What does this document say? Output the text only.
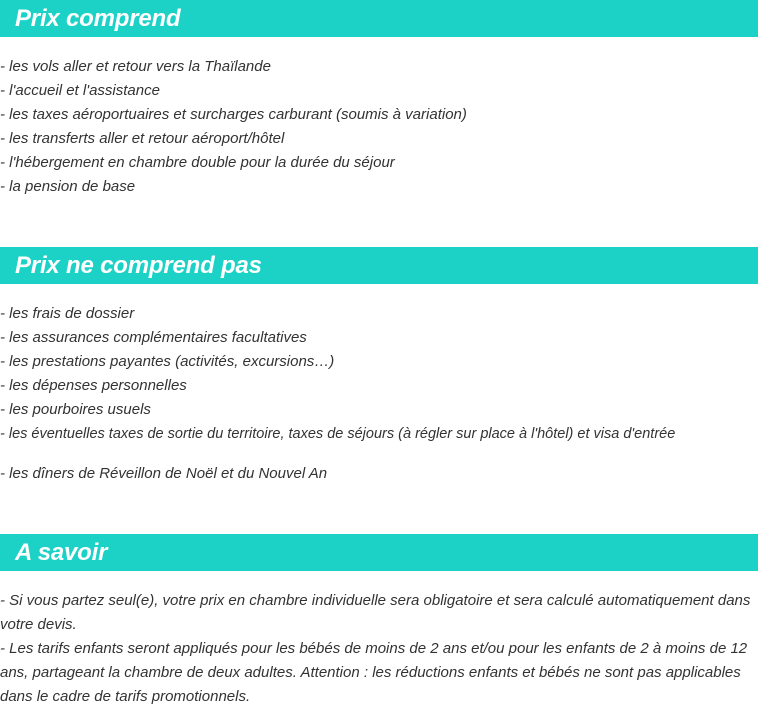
Prix comprend
- les vols aller et retour vers la Thaïlande
- l'accueil et l'assistance
- les taxes aéroportuaires et surcharges carburant (soumis à variation)
- les transferts aller et retour aéroport/hôtel
- l'hébergement en chambre double pour la durée du séjour
- la pension de base
Prix ne comprend pas
- les frais de dossier
- les assurances complémentaires facultatives
- les prestations payantes (activités, excursions…)
- les dépenses personnelles
- les pourboires usuels
- les éventuelles taxes de sortie du territoire, taxes de séjours (à régler sur place à l'hôtel) et visa d'entrée

- les dîners de Réveillon de Noël et du Nouvel An

A savoir

- Si vous partez seul(e), votre prix en chambre individuelle sera obligatoire et sera calculé automatiquement dans votre devis.

- Les tarifs enfants seront appliqués pour les bébés de moins de 2 ans et/ou pour les enfants de 2 à moins de 12 ans, partageant la chambre de deux adultes. Attention : les réductions enfants et bébés ne sont pas applicables dans le cadre de tarifs promotionnels.
